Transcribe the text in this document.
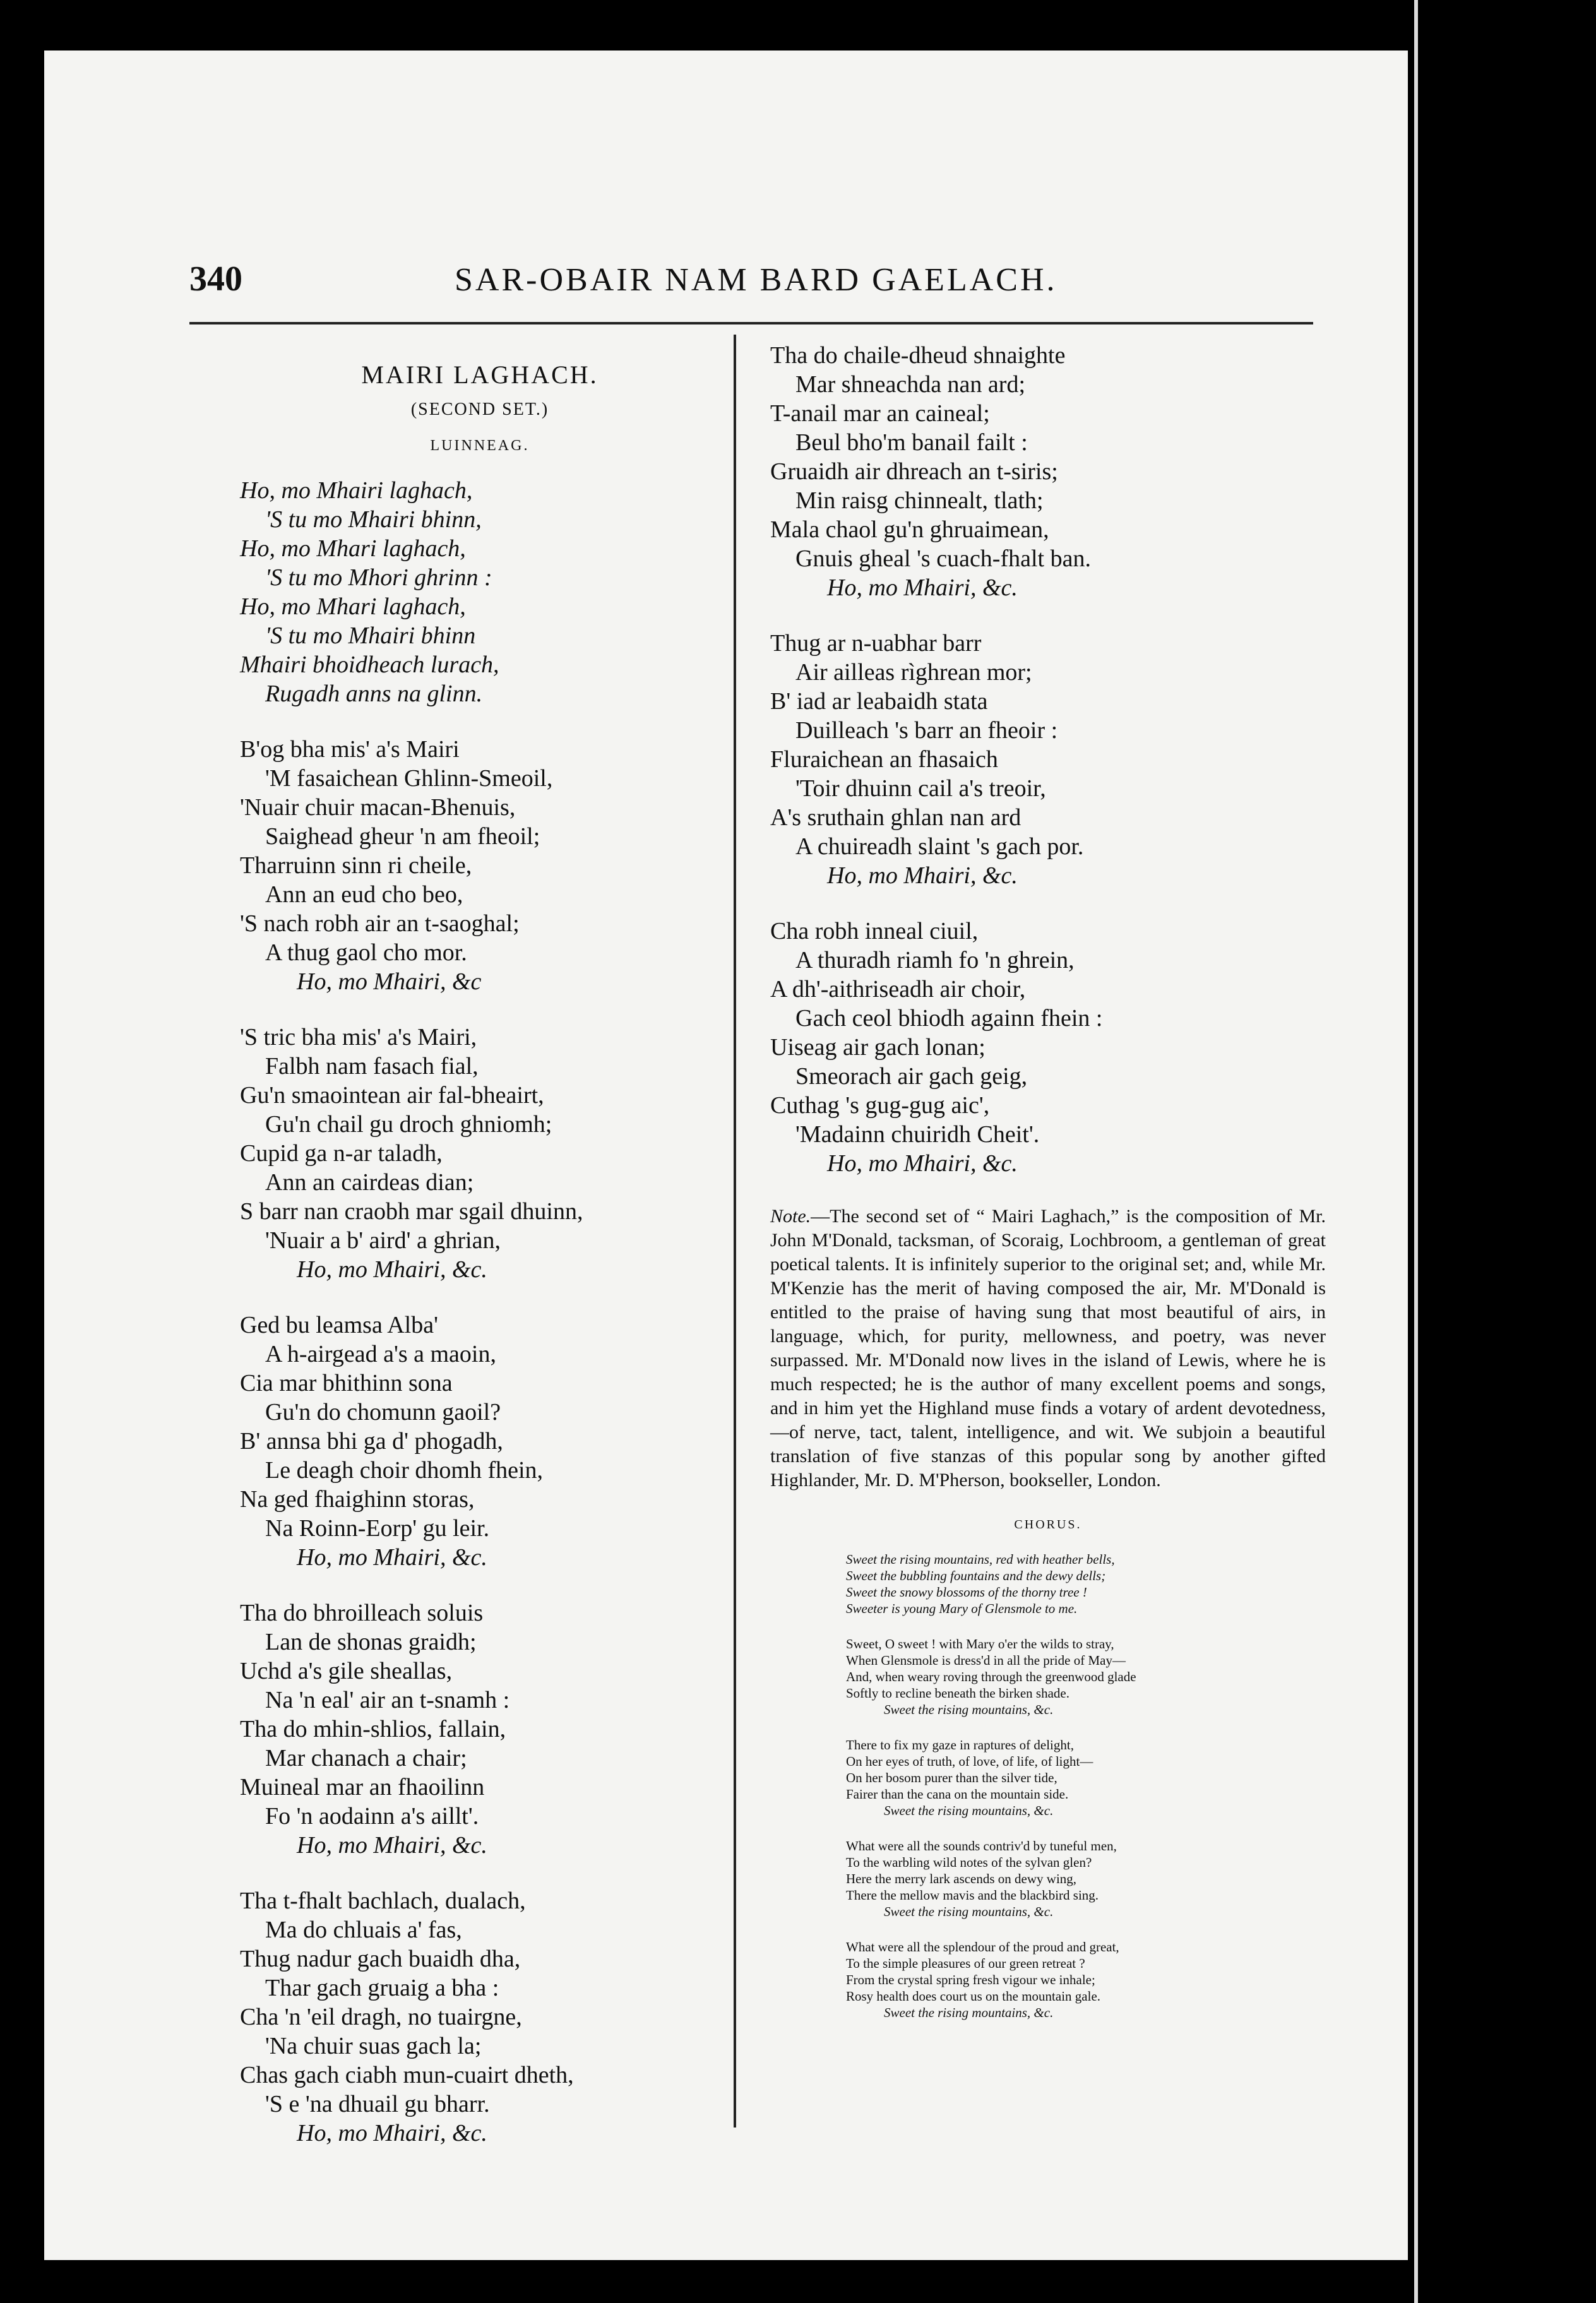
340	SAR-OBAIR NAM BARD GAELACH.
MAIRI LAGHACH.
(SECOND SET.)
LUINNEAG.
Ho, mo Mhairi laghach,
'S tu mo Mhairi bhinn,
Ho, mo Mhari laghach,
'S tu mo Mhori ghrinn :
Ho, mo Mhari laghach,
'S tu mo Mhairi bhinn
Mhairi bhoidheach lurach,
Rugadh anns na glinn.
B'og bha mis' a's Mairi
'M fasaichean Ghlinn-Smeoil,
'Nuair chuir macan-Bhenuis,
Saighead gheur 'n am fheoil;
Tharruinn sinn ri cheile,
Ann an eud cho beo,
'S nach robh air an t-saoghal;
A thug gaol cho mor.
Ho, mo Mhairi, &c
'S tric bha mis' a's Mairi,
Falbh nam fasach fial,
Gu'n smaointean air fal-bheairt,
Gu'n chail gu droch ghniomh;
Cupid ga n-ar taladh,
Ann an cairdeas dian;
S barr nan craobh mar sgail dhuinn,
'Nuair a b' aird' a ghrian,
Ho, mo Mhairi, &c.
Ged bu leamsa Alba'
A h-airgead a's a maoin,
Cia mar bhithinn sona
Gu'n do chomunn gaoil?
B' annsa bhi ga d' phogadh,
Le deagh choir dhomh fhein,
Na ged fhaighinn storas,
Na Roinn-Eorp' gu leir.
Ho, mo Mhairi, &c.
Tha do bhroilleach soluis
Lan de shonas graidh;
Uchd a's gile sheallas,
Na 'n eal' air an t-snamh :
Tha do mhin-shlios, fallain,
Mar chanach a chair;
Muineal mar an fhaoilinn
Fo 'n aodainn a's aillt'.
Ho, mo Mhairi, &c.
Tha t-fhalt bachlach, dualach,
Ma do chluais a' fas,
Thug nadur gach buaidh dha,
Thar gach gruaig a bha :
Cha 'n 'eil dragh, no tuairgne,
'Na chuir suas gach la;
Chas gach ciabh mun-cuairt dheth,
'S e 'na dhuail gu bharr.
Ho, mo Mhairi, &c.
Tha do chaile-dheud shnaighte
Mar shneachda nan ard;
T-anail mar an caineal;
Beul bho'm banail failt :
Gruaidh air dhreach an t-siris;
Min raisg chinnealt, tlath;
Mala chaol gu'n ghruaimean,
Gnuis gheal 's cuach-fhalt ban.
Ho, mo Mhairi, &c.
Thug ar n-uabhar barr
Air ailleas rìghrean mor;
B' iad ar leabaidh stata
Duilleach 's barr an fheoir :
Fluraichean an fhasaich
'Toir dhuinn cail a's treoir,
A's sruthain ghlan nan ard
A chuireadh slaint 's gach por.
Ho, mo Mhairi, &c.
Cha robh inneal ciuil,
A thuradh riamh fo 'n ghrein,
A dh'-aithriseadh air choir,
Gach ceol bhiodh againn fhein :
Uiseag air gach lonan;
Smeorach air gach geig,
Cuthag 's gug-gug aic',
'Madainn chuiridh Cheit'.
Ho, mo Mhairi, &c.
Note.—The second set of “ Mairi Laghach,” is the composition of Mr. John M'Donald, tacksman, of Scoraig, Lochbroom, a gentleman of great poetical talents. It is infinitely superior to the original set; and, while Mr. M'Kenzie has the merit of having composed the air, Mr. M'Donald is entitled to the praise of having sung that most beautiful of airs, in language, which, for purity, mellowness, and poetry, was never surpassed. Mr. M'Donald now lives in the island of Lewis, where he is much respected; he is the author of many excellent poems and songs, and in him yet the Highland muse finds a votary of ardent devotedness,—of nerve, tact, talent, intelligence, and wit. We subjoin a beautiful translation of five stanzas of this popular song by another gifted Highlander, Mr. D. M'Pherson, bookseller, London.
CHORUS.
Sweet the rising mountains, red with heather bells,
Sweet the bubbling fountains and the dewy dells;
Sweet the snowy blossoms of the thorny tree !
Sweeter is young Mary of Glensmole to me.
Sweet, O sweet ! with Mary o'er the wilds to stray,
When Glensmole is dress'd in all the pride of May—
And, when weary roving through the greenwood glade
Softly to recline beneath the birken shade.
Sweet the rising mountains, &c.
There to fix my gaze in raptures of delight,
On her eyes of truth, of love, of life, of light—
On her bosom purer than the silver tide,
Fairer than the cana on the mountain side.
Sweet the rising mountains, &c.
What were all the sounds contriv'd by tuneful men,
To the warbling wild notes of the sylvan glen?
Here the merry lark ascends on dewy wing,
There the mellow mavis and the blackbird sing.
Sweet the rising mountains, &c.
What were all the splendour of the proud and great,
To the simple pleasures of our green retreat ?
From the crystal spring fresh vigour we inhale;
Rosy health does court us on the mountain gale.
Sweet the rising mountains, &c.
